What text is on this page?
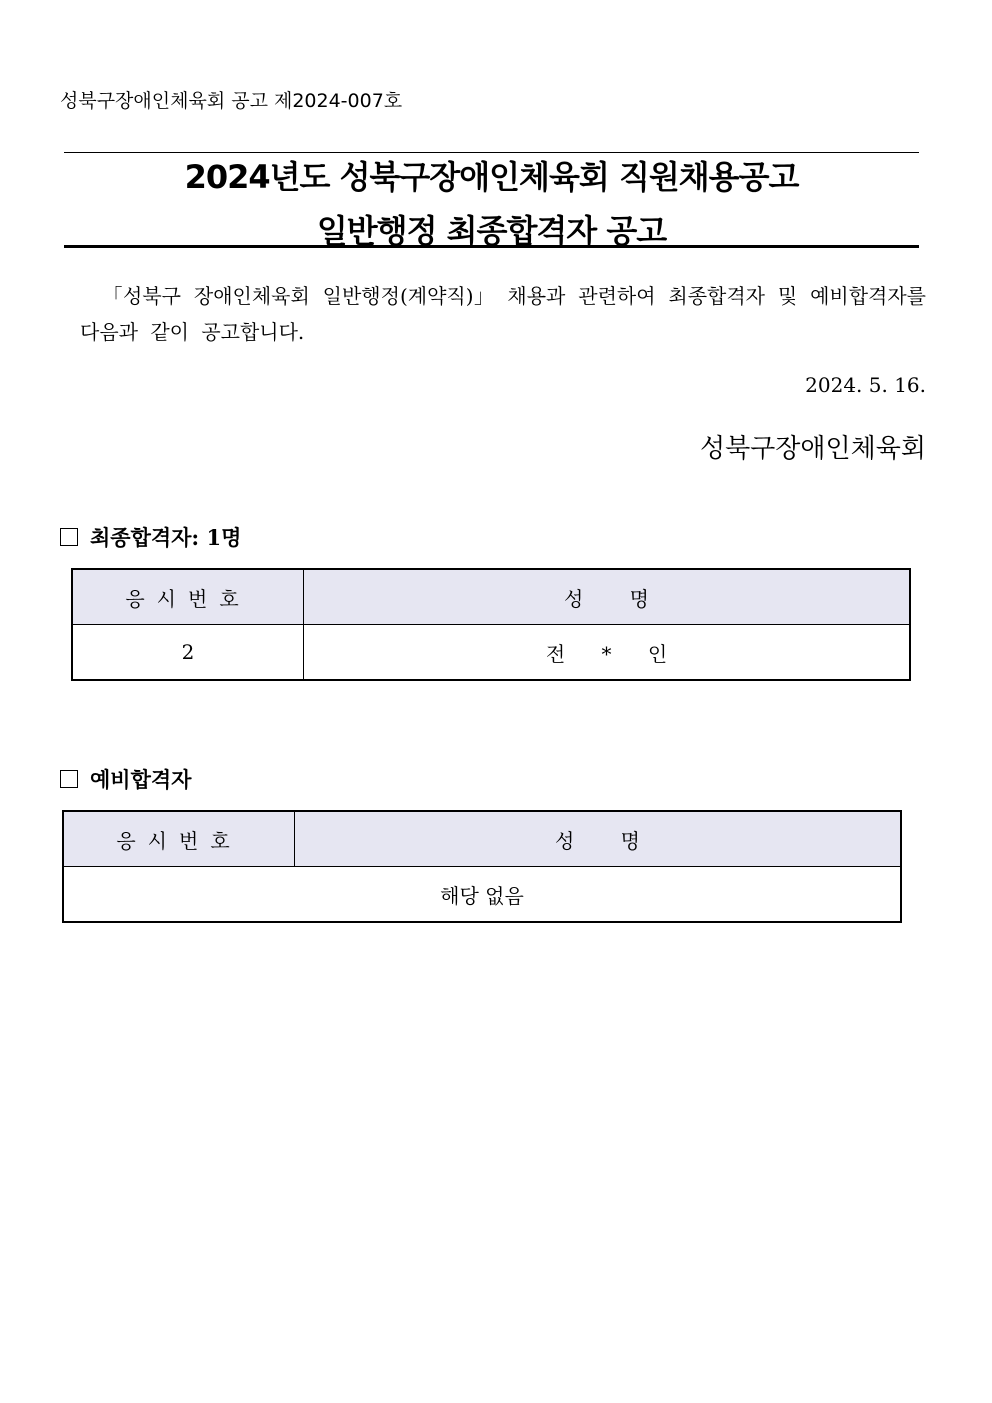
성북구장애인체육회 공고 제2024-007호
2024년도 성북구장애인체육회 직원채용공고
일반행정 최종합격자 공고
「성북구 장애인체육회 일반행정(계약직)」 채용과 관련하여 최종합격자 및 예비합격자를 다음과 같이 공고합니다.
2024. 5. 16.
성북구장애인체육회
최종합격자: 1명
응시번호	성 명
2	전 * 인
예비합격자
응시번호	성 명
해당 없음
